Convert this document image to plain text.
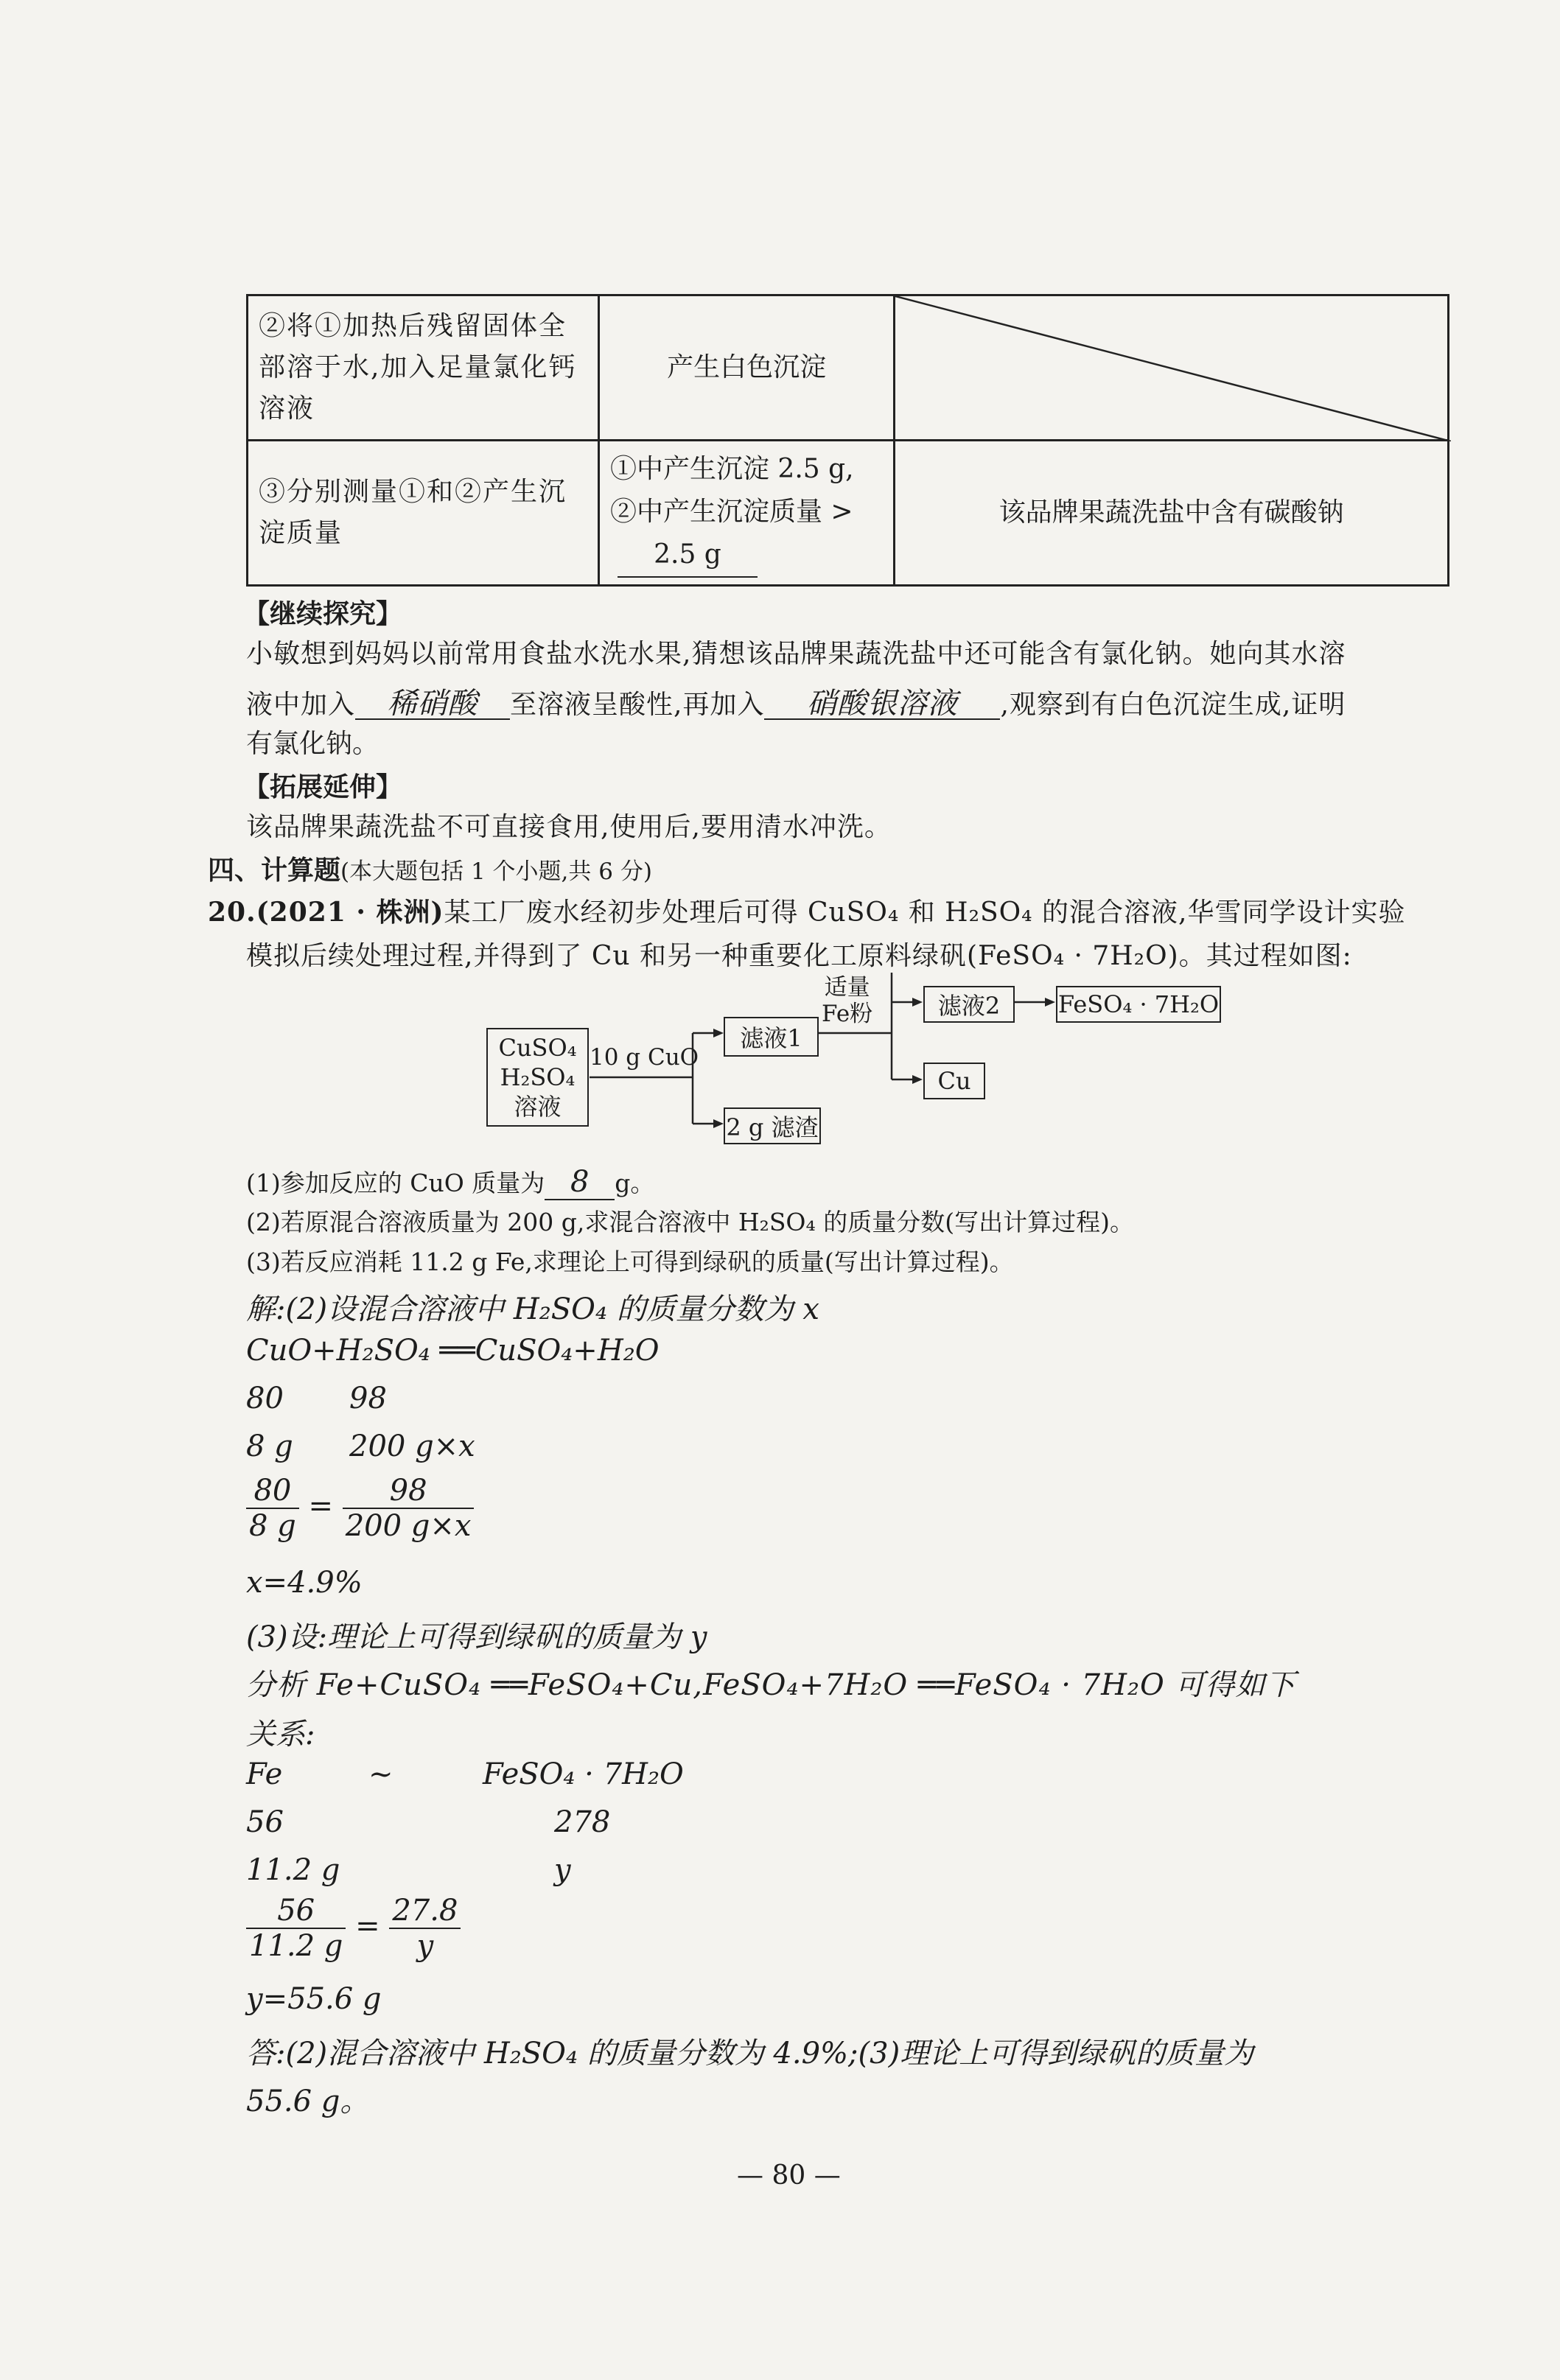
②将①加热后残留固体全部溶于水,加入足量氯化钙溶液	产生白色沉淀	

③分别测量①和②产生沉淀质量	①中产生沉淀 2.5 g,
②中产生沉淀质量 >
2.5 g	该品牌果蔬洗盐中含有碳酸钠
【继续探究】
小敏想到妈妈以前常用食盐水洗水果,猜想该品牌果蔬洗盐中还可能含有氯化钠。她向其水溶
液中加入 稀硝酸 至溶液呈酸性,再加入 硝酸银溶液 ,观察到有白色沉淀生成,证明
有氯化钠。
【拓展延伸】
该品牌果蔬洗盐不可直接食用,使用后,要用清水冲洗。
四、计算题(本大题包括 1 个小题,共 6 分)
20.(2021 · 株洲)某工厂废水经初步处理后可得 CuSO₄ 和 H₂SO₄ 的混合溶液,华雪同学设计实验
模拟后续处理过程,并得到了 Cu 和另一种重要化工原料绿矾(FeSO₄ · 7H₂O)。其过程如图:
CuSO₄
H₂SO₄
溶液
10 g CuO
滤液1
2 g 滤渣
适量
Fe粉	滤液2	FeSO₄ · 7H₂O
Cu
(1)参加反应的 CuO 质量为 8 g。
(2)若原混合溶液质量为 200 g,求混合溶液中 H₂SO₄ 的质量分数(写出计算过程)。
(3)若反应消耗 11.2 g Fe,求理论上可得到绿矾的质量(写出计算过程)。
解:(2)设混合溶液中 H₂SO₄ 的质量分数为 x
CuO+H₂SO₄ ══CuSO₄+H₂O
80 98
8 g 200 g×x
$\frac{80}{8 g} = \frac{98}{200 g\times x}$
x=4.9%
(3)设:理论上可得到绿矾的质量为 y
分析 Fe+CuSO₄ ══FeSO₄+Cu,FeSO₄+7H₂O ══FeSO₄ · 7H₂O 可得如下
关系:
Fe	~	FeSO₄ · 7H₂O
56	278
11.2 g	y
$\frac{56}{11.2 g} = \frac{27.8}{y}$
y=55.6 g
答:(2)混合溶液中 H₂SO₄ 的质量分数为 4.9%;(3)理论上可得到绿矾的质量为
55.6 g。
— 80 —
